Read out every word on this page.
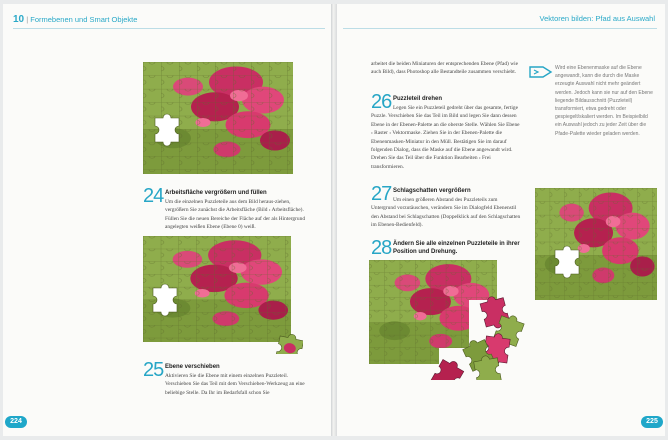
10 | Formebenen und Smart Objekte
24 Arbeitsfläche vergrößern und füllen
Um die einzelnen Puzzleteile aus dem Bild heraus-ziehen, vergrößern Sie zunächst die Arbeitsfläche (Bild › Arbeitsfläche). Füllen Sie die neuen Bereiche der Fläche auf der als Hintergrund angelegten weißen Ebene (Ebene 0) weiß.
25 Ebene verschieben
Aktivieren Sie die Ebene mit einem einzelnen Puzzleteil. Verschieben Sie das Teil mit dem Verschieben-Werkzeug an eine beliebige Stelle. Da Ihr im Bedarfsfall schon Sie
224
Vektoren bilden: Pfad aus Auswahl
arbeitet die beiden Miniaturen der entsprechenden Ebene (Pfad) wie auch Bild), dass Photoshop alle Bestandteile zusammen verschiebt.
26 Puzzleteil drehen
Legen Sie ein Puzzleteil gedreht über das gesamte, fertige Puzzle. Verschieben Sie das Teil im Bild und legen Sie dann dessen Ebene in der Ebenen-Palette an die oberste Stelle. Wählen Sie Ebene › Raster › Vektormaske. Ziehen Sie in der Ebenen-Palette die Ebenenmasken-Miniatur in den Müll. Bestätigen Sie im darauf folgenden Dialog, dass die Maske auf die Ebene angewandt wird. Drehen Sie das Teil über die Funktion Bearbeiten › Frei transformieren.
27 Schlagschatten vergrößern
Um einen größeren Abstand des Puzzleteils zum Untergrund vorzutäuschen, verändern Sie im Dialogfeld Ebenenstil den Abstand bei Schlagschatten (Doppelklick auf den Schlagschatten im Ebenen-Bedienfeld).
28 Ändern Sie alle einzelnen Puzzleteile in ihrer Position und Drehung.
Wird eine Ebenenmaske auf die Ebene angewandt, kann die durch die Maske erzeugte Auswahl nicht mehr geändert werden. Jedoch kann sie nur auf den Ebene liegende Bildausschnitt (Puzzleteil) transformiert, etwa gedreht oder gespiegelt/skaliert werden. Im Beispielbild ein Auswahl jedoch zu jeder Zeit über die Pfade-Palette wieder geladen werden.
225
